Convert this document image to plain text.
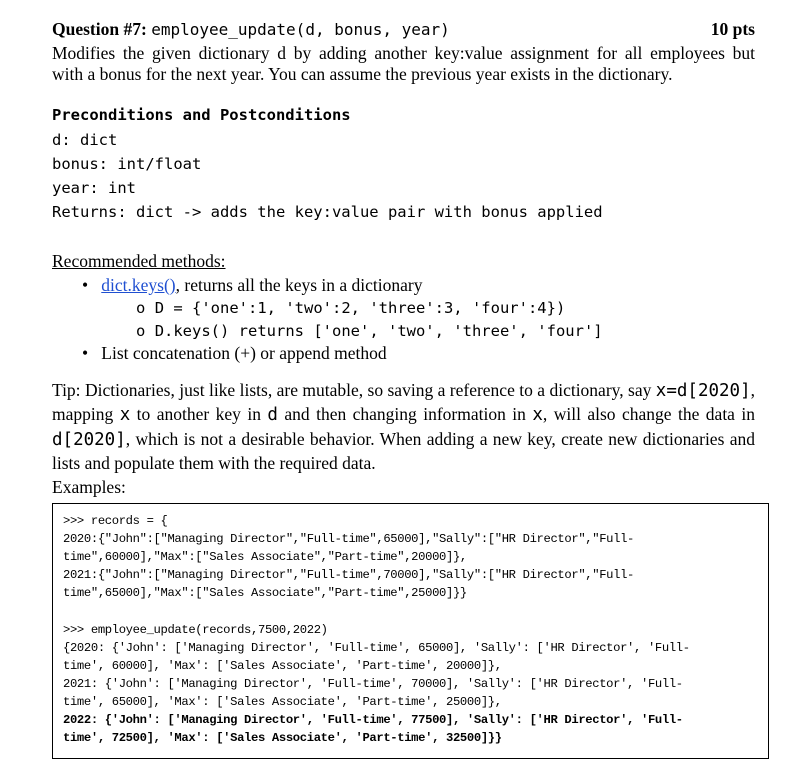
Question #7: employee_update(d, bonus, year)	10 pts
Modifies the given dictionary d by adding another key:value assignment for all employees but
with a bonus for the next year. You can assume the previous year exists in the dictionary.
Preconditions and Postconditions
d: dict
bonus: int/float
year: int
Returns: dict -> adds the key:value pair with bonus applied
Recommended methods:
• dict.keys(), returns all the keys in a dictionary
o D = {'one':1, 'two':2, 'three':3, 'four':4})
o D.keys() returns ['one', 'two', 'three', 'four']
• List concatenation (+) or append method
Tip: Dictionaries, just like lists, are mutable, so saving a reference to a dictionary, say x=d[2020],
mapping x to another key in d and then changing information in x, will also change the data in
d[2020], which is not a desirable behavior. When adding a new key, create new dictionaries and
lists and populate them with the required data.
Examples:
>>> records = {
2020:{"John":["Managing Director","Full-time",65000],"Sally":["HR Director","Full-
time",60000],"Max":["Sales Associate","Part-time",20000]},
2021:{"John":["Managing Director","Full-time",70000],"Sally":["HR Director","Full-
time",65000],"Max":["Sales Associate","Part-time",25000]}}
>>> employee_update(records,7500,2022)
{2020: {'John': ['Managing Director', 'Full-time', 65000], 'Sally': ['HR Director', 'Full-
time', 60000], 'Max': ['Sales Associate', 'Part-time', 20000]},
2021: {'John': ['Managing Director', 'Full-time', 70000], 'Sally': ['HR Director', 'Full-
time', 65000], 'Max': ['Sales Associate', 'Part-time', 25000]},
2022: {'John': ['Managing Director', 'Full-time', 77500], 'Sally': ['HR Director', 'Full-
time', 72500], 'Max': ['Sales Associate', 'Part-time', 32500]}}
